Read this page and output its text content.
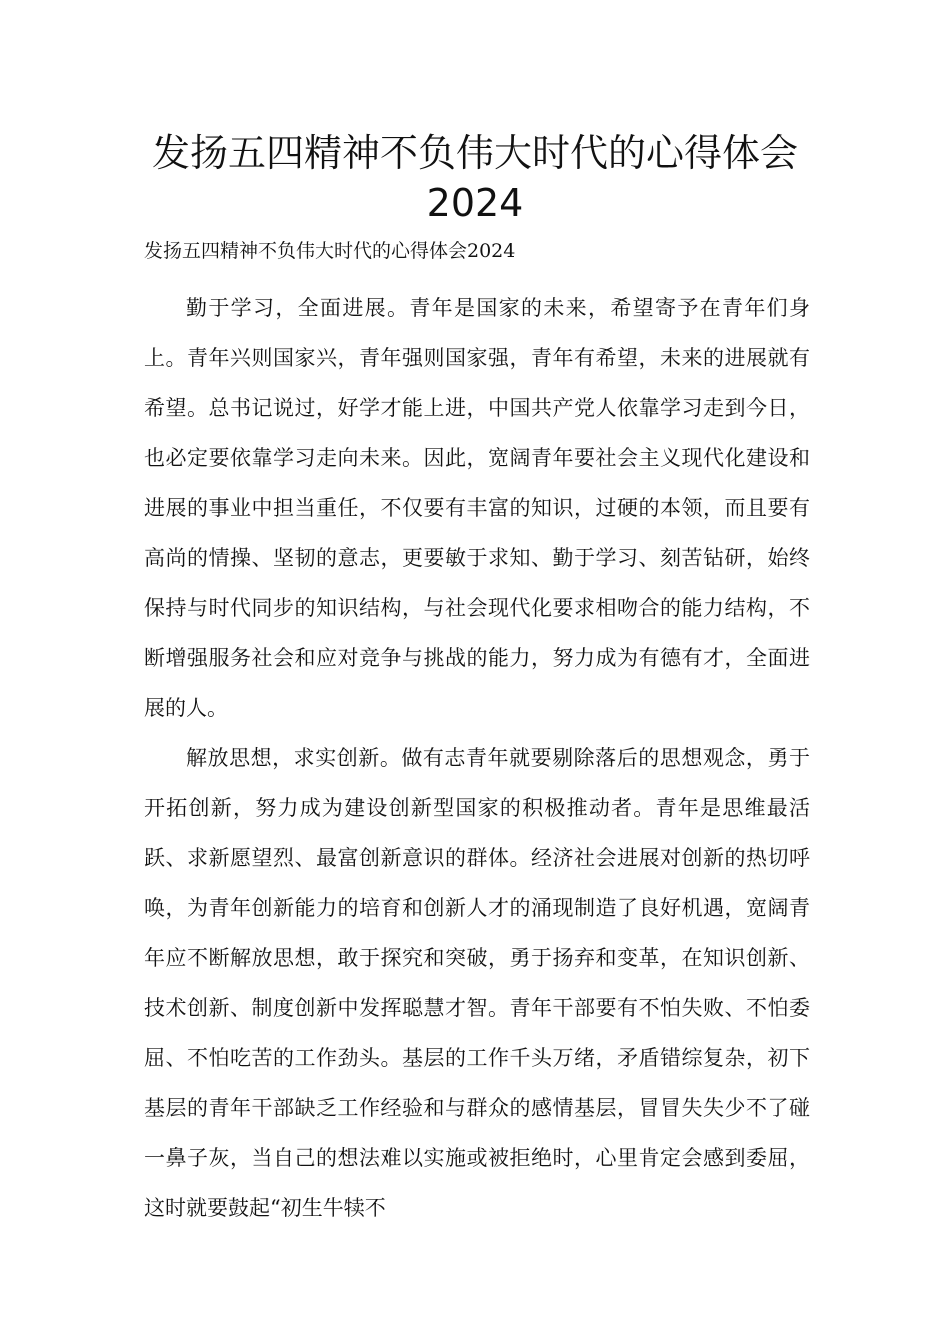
发扬五四精神不负伟大时代的心得体会
2024

发扬五四精神不负伟大时代的心得体会2024

勤于学习，全面进展。青年是国家的未来，希望寄予在青年们身上。青年兴则国家兴，青年强则国家强，青年有希望，未来的进展就有希望。总书记说过，好学才能上进，中国共产党人依靠学习走到今日，也必定要依靠学习走向未来。因此，宽阔青年要社会主义现代化建设和进展的事业中担当重任，不仅要有丰富的知识，过硬的本领，而且要有高尚的情操、坚韧的意志，更要敏于求知、勤于学习、刻苦钻研，始终保持与时代同步的知识结构，与社会现代化要求相吻合的能力结构，不断增强服务社会和应对竞争与挑战的能力，努力成为有德有才，全面进展的人。

解放思想，求实创新。做有志青年就要剔除落后的思想观念，勇于开拓创新，努力成为建设创新型国家的积极推动者。青年是思维最活跃、求新愿望烈、最富创新意识的群体。经济社会进展对创新的热切呼唤，为青年创新能力的培育和创新人才的涌现制造了良好机遇，宽阔青年应不断解放思想，敢于探究和突破，勇于扬弃和变革，在知识创新、技术创新、制度创新中发挥聪慧才智。青年干部要有不怕失败、不怕委屈、不怕吃苦的工作劲头。基层的工作千头万绪，矛盾错综复杂，初下基层的青年干部缺乏工作经验和与群众的感情基层，冒冒失失少不了碰一鼻子灰，当自己的想法难以实施或被拒绝时，心里肯定会感到委屈，这时就要鼓起“初生牛犊不
